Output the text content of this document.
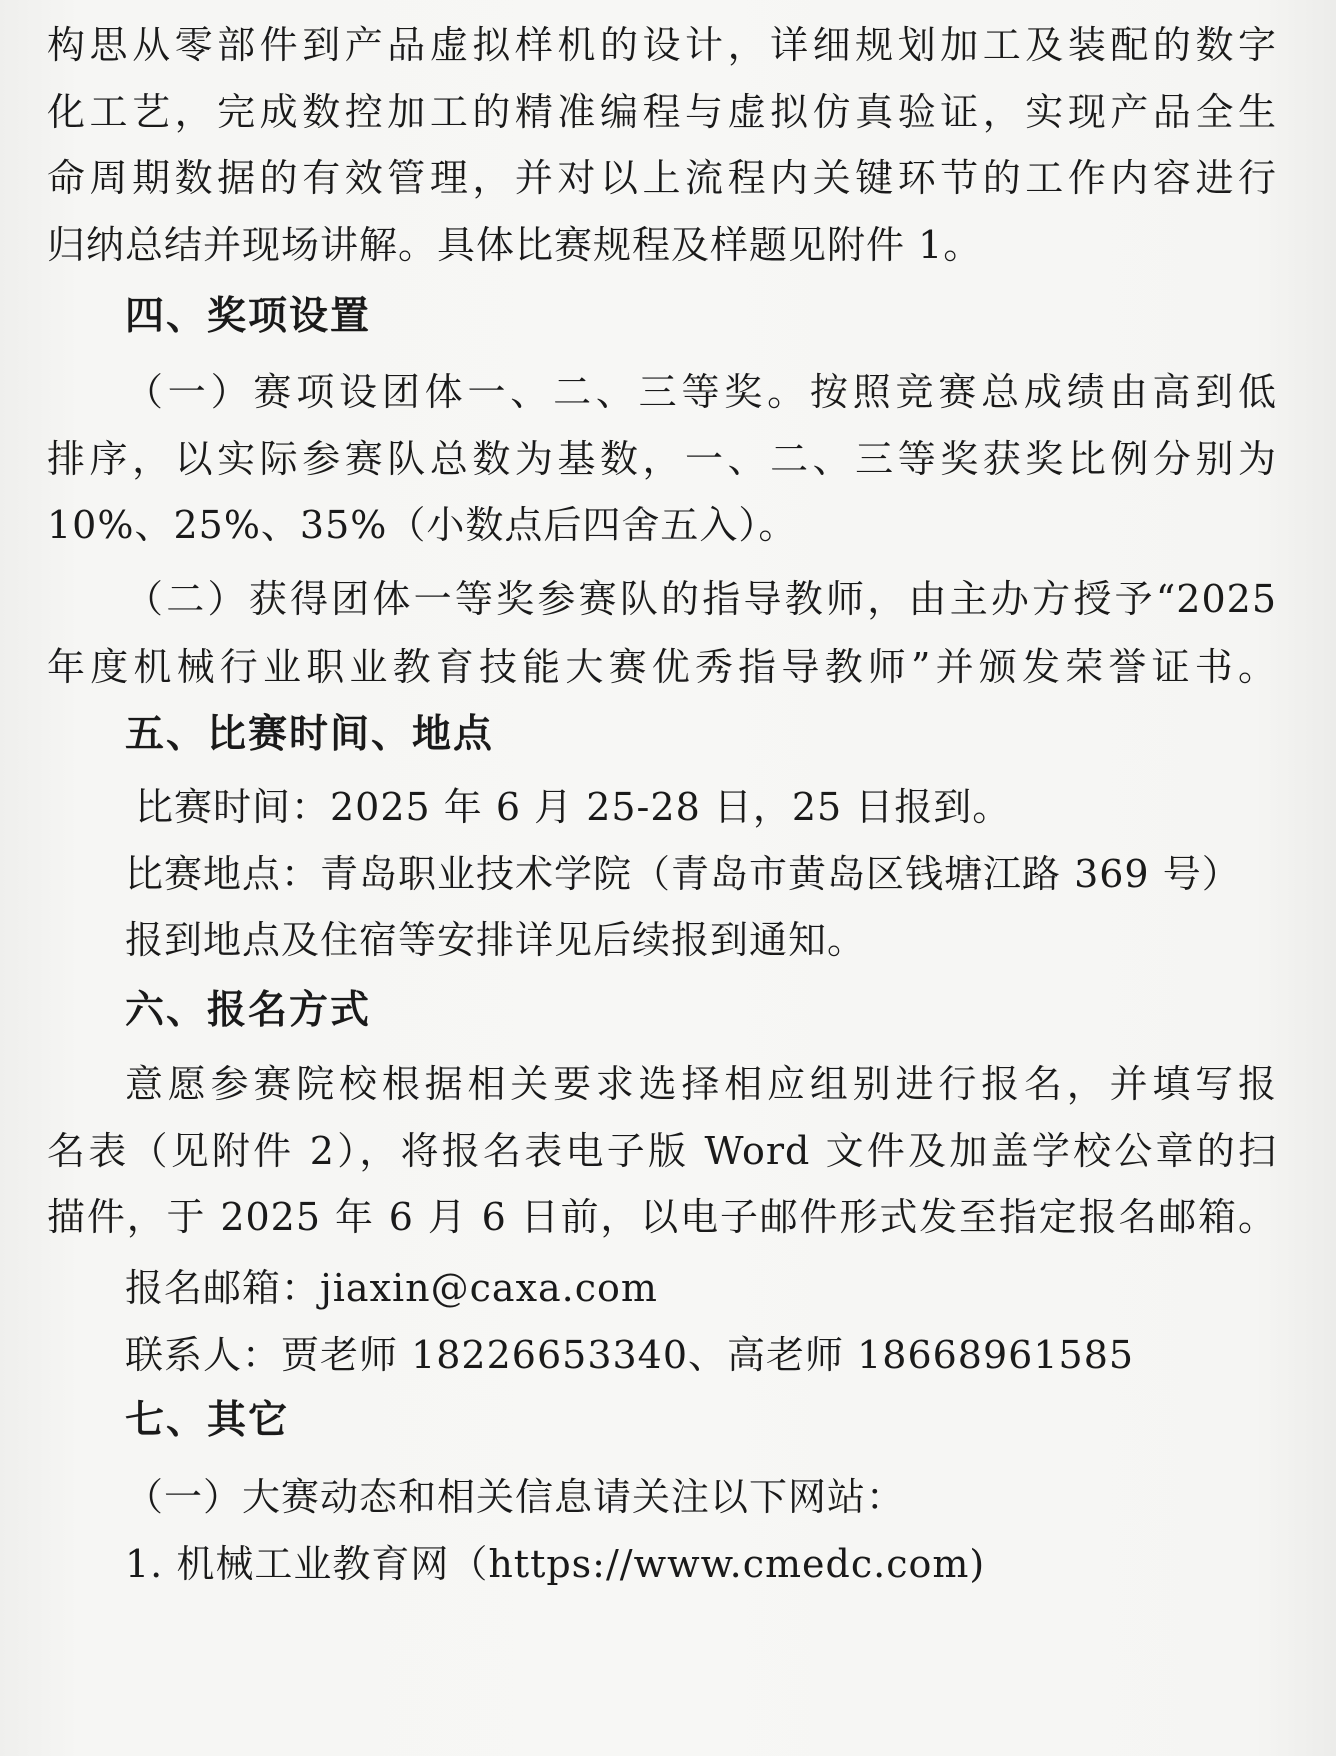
构思从零部件到产品虚拟样机的设计，详细规划加工及装配的数字
化工艺，完成数控加工的精准编程与虚拟仿真验证，实现产品全生
命周期数据的有效管理，并对以上流程内关键环节的工作内容进行
归纳总结并现场讲解。具体比赛规程及样题见附件 1。
四、奖项设置
（一）赛项设团体一、二、三等奖。按照竞赛总成绩由高到低
排序，以实际参赛队总数为基数，一、二、三等奖获奖比例分别为
10%、25%、35%（小数点后四舍五入）。
（二）获得团体一等奖参赛队的指导教师，由主办方授予“2025
年度机械行业职业教育技能大赛优秀指导教师”并颁发荣誉证书。
五、比赛时间、地点
比赛时间：2025 年 6 月 25-28 日，25 日报到。
比赛地点：青岛职业技术学院（青岛市黄岛区钱塘江路 369 号）
报到地点及住宿等安排详见后续报到通知。
六、报名方式
意愿参赛院校根据相关要求选择相应组别进行报名，并填写报
名表（见附件 2），将报名表电子版 Word 文件及加盖学校公章的扫
描件，于 2025 年 6 月 6 日前，以电子邮件形式发至指定报名邮箱。
报名邮箱：jiaxin@caxa.com
联系人：贾老师 18226653340、高老师 18668961585
七、其它
（一）大赛动态和相关信息请关注以下网站：
1. 机械工业教育网（https://www.cmedc.com)
